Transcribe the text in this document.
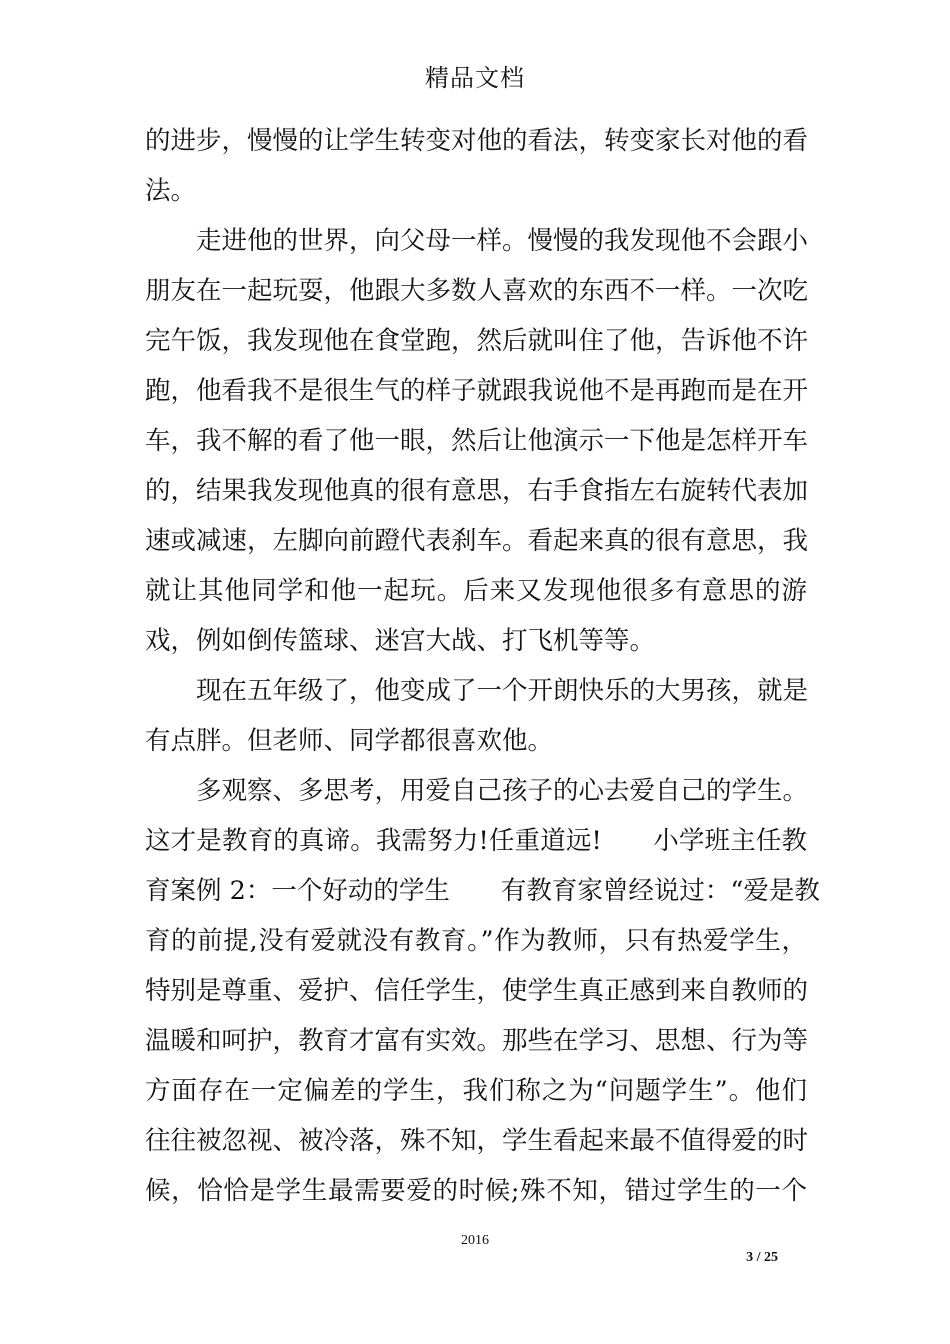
精品文档
的进步，慢慢的让学生转变对他的看法，转变家长对他的看
法。
　　走进他的世界，向父母一样。慢慢的我发现他不会跟小
朋友在一起玩耍，他跟大多数人喜欢的东西不一样。一次吃
完午饭，我发现他在食堂跑，然后就叫住了他，告诉他不许
跑，他看我不是很生气的样子就跟我说他不是再跑而是在开
车，我不解的看了他一眼，然后让他演示一下他是怎样开车
的，结果我发现他真的很有意思，右手食指左右旋转代表加
速或减速，左脚向前蹬代表刹车。看起来真的很有意思，我
就让其他同学和他一起玩。后来又发现他很多有意思的游
戏，例如倒传篮球、迷宫大战、打飞机等等。
　　现在五年级了，他变成了一个开朗快乐的大男孩，就是
有点胖。但老师、同学都很喜欢他。
　　多观察、多思考，用爱自己孩子的心去爱自己的学生。
这才是教育的真谛。我需努力!任重道远!　　小学班主任教
育案例 2：一个好动的学生　　有教育家曾经说过：“爱是教
育的前提,没有爱就没有教育。”作为教师，只有热爱学生，
特别是尊重、爱护、信任学生，使学生真正感到来自教师的
温暖和呵护，教育才富有实效。那些在学习、思想、行为等
方面存在一定偏差的学生，我们称之为“问题学生”。他们
往往被忽视、被冷落，殊不知，学生看起来最不值得爱的时
候，恰恰是学生最需要爱的时候;殊不知，错过学生的一个
2016
3 / 25
